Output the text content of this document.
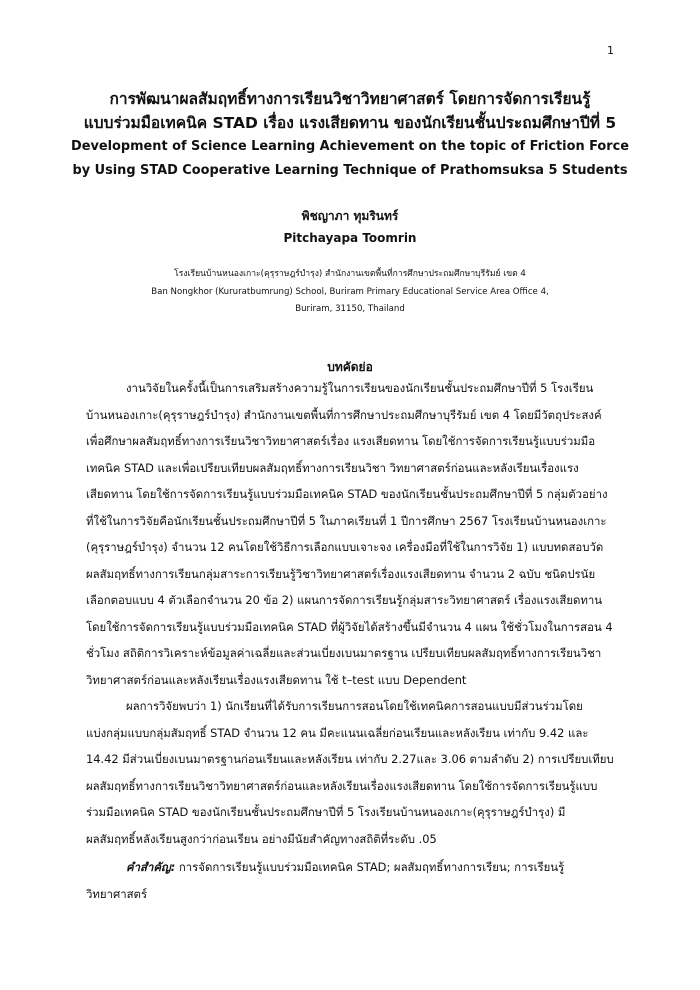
1
การพัฒนาผลสัมฤทธิ์ทางการเรียนวิชาวิทยาศาสตร์ โดยการจัดการเรียนรู้
แบบร่วมมือเทคนิค STAD เรื่อง แรงเสียดทาน ของนักเรียนชั้นประถมศึกษาปีที่ 5
Development of Science Learning Achievement on the topic of Friction Force
by Using STAD Cooperative Learning Technique of Prathomsuksa 5 Students
พิชญาภา ทุมรินทร์
Pitchayapa Toomrin
โรงเรียนบ้านหนองเกาะ(คุรุราษฎร์บำรุง) สำนักงานเขตพื้นที่การศึกษาประถมศึกษาบุรีรัมย์ เขต 4
Ban Nongkhor (Kururatbumrung) School, Buriram Primary Educational Service Area Office 4,
Buriram, 31150, Thailand
บทคัดย่อ
งานวิจัยในครั้งนี้เป็นการเสริมสร้างความรู้ในการเรียนของนักเรียนชั้นประถมศึกษาปีที่ 5 โรงเรียน
บ้านหนองเกาะ(คุรุราษฎร์บำรุง) สำนักงานเขตพื้นที่การศึกษาประถมศึกษาบุรีรัมย์ เขต 4 โดยมีวัตถุประสงค์
เพื่อศึกษาผลสัมฤทธิ์ทางการเรียนวิชาวิทยาศาสตร์เรื่อง แรงเสียดทาน โดยใช้การจัดการเรียนรู้แบบร่วมมือ
เทคนิค STAD และเพื่อเปรียบเทียบผลสัมฤทธิ์ทางการเรียนวิชา วิทยาศาสตร์ก่อนและหลังเรียนเรื่องแรง
เสียดทาน โดยใช้การจัดการเรียนรู้แบบร่วมมือเทคนิค STAD ของนักเรียนชั้นประถมศึกษาปีที่ 5 กลุ่มตัวอย่าง
ที่ใช้ในการวิจัยคือนักเรียนชั้นประถมศึกษาปีที่ 5 ในภาคเรียนที่ 1 ปีการศึกษา 2567 โรงเรียนบ้านหนองเกาะ
(คุรุราษฎร์บำรุง) จำนวน 12 คนโดยใช้วิธีการเลือกแบบเจาะจง เครื่องมือที่ใช้ในการวิจัย 1) แบบทดสอบวัด
ผลสัมฤทธิ์ทางการเรียนกลุ่มสาระการเรียนรู้วิชาวิทยาศาสตร์เรื่องแรงเสียดทาน จำนวน 2 ฉบับ ชนิดปรนัย
เลือกตอบแบบ 4 ตัวเลือกจำนวน 20 ข้อ 2) แผนการจัดการเรียนรู้กลุ่มสาระวิทยาศาสตร์ เรื่องแรงเสียดทาน
โดยใช้การจัดการเรียนรู้แบบร่วมมือเทคนิค STAD ที่ผู้วิจัยได้สร้างขึ้นมีจำนวน 4 แผน ใช้ชั่วโมงในการสอน 4
ชั่วโมง สถิติการวิเคราะห์ข้อมูลค่าเฉลี่ยและส่วนเบี่ยงเบนมาตรฐาน เปรียบเทียบผลสัมฤทธิ์ทางการเรียนวิชา
วิทยาศาสตร์ก่อนและหลังเรียนเรื่องแรงเสียดทาน ใช้ t–test แบบ Dependent
ผลการวิจัยพบว่า 1) นักเรียนที่ได้รับการเรียนการสอนโดยใช้เทคนิคการสอนแบบมีส่วนร่วมโดย
แบ่งกลุ่มแบบกลุ่มสัมฤทธิ์ STAD จำนวน 12 คน มีคะแนนเฉลี่ยก่อนเรียนและหลังเรียน เท่ากับ 9.42 และ
14.42 มีส่วนเบี่ยงเบนมาตรฐานก่อนเรียนและหลังเรียน เท่ากับ 2.27และ 3.06 ตามลำดับ 2) การเปรียบเทียบ
ผลสัมฤทธิ์ทางการเรียนวิชาวิทยาศาสตร์ก่อนและหลังเรียนเรื่องแรงเสียดทาน โดยใช้การจัดการเรียนรู้แบบ
ร่วมมือเทคนิค STAD ของนักเรียนชั้นประถมศึกษาปีที่ 5 โรงเรียนบ้านหนองเกาะ(คุรุราษฎร์บำรุง) มี
ผลสัมฤทธิ์หลังเรียนสูงกว่าก่อนเรียน อย่างมีนัยสำคัญทางสถิติที่ระดับ .05
คำสำคัญ: การจัดการเรียนรู้แบบร่วมมือเทคนิค STAD; ผลสัมฤทธิ์ทางการเรียน; การเรียนรู้
วิทยาศาสตร์
